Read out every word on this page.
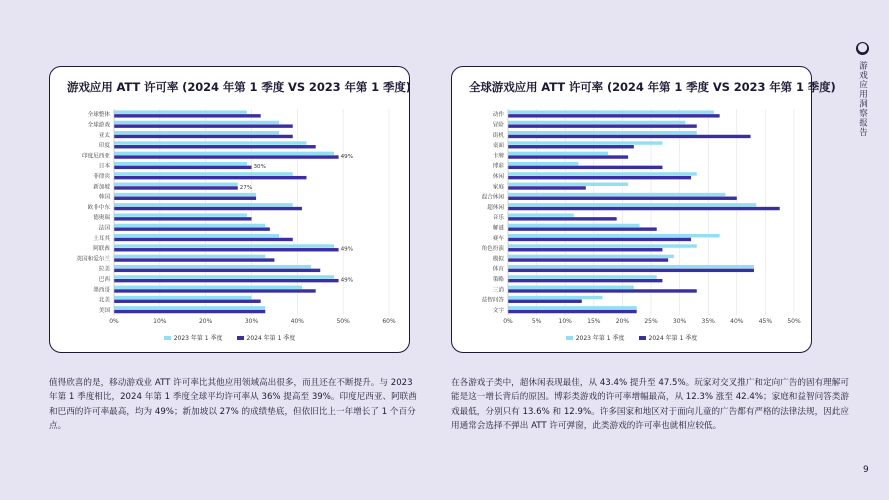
游戏应用 ATT 许可率 (2024 年第 1 季度 VS 2023 年第 1 季度)
0%	10%	20%	30%	40%	50%	60%
全球整体
全球游戏
亚太
印度
印度尼西亚
日本
菲律宾
新加坡
韩国
欧非中东
德奥瑞
法国
土耳其
阿联酋
英国和爱尔兰
拉美
巴西
墨西哥
北美
美国
49%
30%
27%
49%
49%
2023 年第 1 季度	2024 年第 1 季度
全球游戏应用 ATT 许可率 (2024 年第 1 季度 VS 2023 年第 1 季度)
0%	5%	10%	15%	20%	25%	30%	35%	40%	45%	50%
动作
冒险
街机
桌面
卡牌
博彩
休闲
家庭
混合休闲
超休闲
音乐
解谜
赛车
角色扮演
模拟
体育
策略
三消
益智问答
文字
2023 年第 1 季度	2024 年第 1 季度
值得欣喜的是，移动游戏业 ATT 许可率比其他应用领域高出很多，而且还在不断提升。与 2023 年第 1 季度相比，2024 年第 1 季度全球平均许可率从 36% 提高至 39%。印度尼西亚、阿联酋和巴西的许可率最高，均为 49%；新加坡以 27% 的成绩垫底，但依旧比上一年增长了 1 个百分点。
在各游戏子类中，超休闲表现最佳，从 43.4% 提升至 47.5%。玩家对交叉推广和定向广告的固有理解可能是这一增长背后的原因。博彩类游戏的许可率增幅最高，从 12.3% 涨至 42.4%；家庭和益智问答类游戏最低，分别只有 13.6% 和 12.9%。许多国家和地区对于面向儿童的广告都有严格的法律法规，因此应用通常会选择不弹出 ATT 许可弹窗，此类游戏的许可率也就相应较低。
⬤
游戏应用洞察报告
9
